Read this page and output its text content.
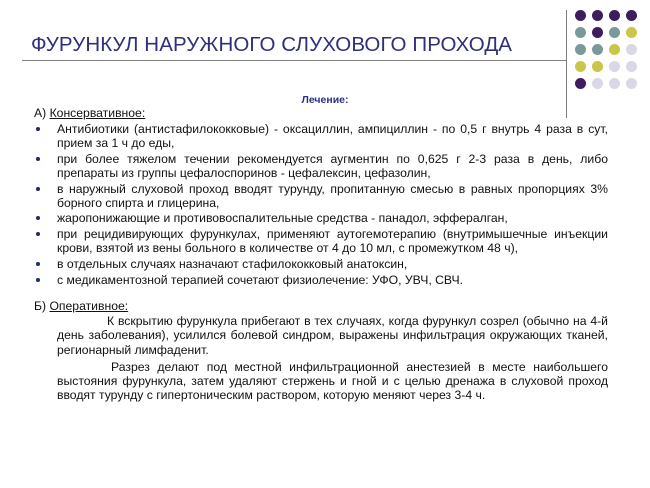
ФУРУНКУЛ НАРУЖНОГО СЛУХОВОГО ПРОХОДА
Лечение:

А) Консервативное:

Антибиотики (антистафилококковые) - оксациллин, ампициллин - по 0,5 г внутрь 4 раза в сут, прием за 1 ч до еды,
при более тяжелом течении рекомендуется аугментин по 0,625 г 2-3 раза в день, либо препараты из группы цефалоспоринов - цефалексин, цефазолин,
в наружный слуховой проход вводят турунду, пропитанную смесью в равных пропорциях 3% борного спирта и глицерина,
жаропонижающие и противовоспалительные средства - панадол, эффералган,
при рецидивирующих фурункулах, применяют аутогемотерапию (внутримышечные инъекции крови, взятой из вены больного в количестве от 4 до 10 мл, с промежутком 48 ч),
в отдельных случаях назначают стафилококковый анатоксин,
с медикаментозной терапией сочетают физиолечение: УФО, УВЧ, СВЧ.

Б) Оперативное:

К вскрытию фурункула прибегают в тех случаях, когда фурункул созрел (обычно на 4-й день заболевания), усилился болевой синдром, выражены инфильтрация окружающих тканей, регионарный лимфаденит.

Разрез делают под местной инфильтрационной анестезией в месте наибольшего выстояния фурункула, затем удаляют стержень и гной и с целью дренажа в слуховой проход вводят турунду с гипертоническим раствором, которую меняют через 3-4 ч.
